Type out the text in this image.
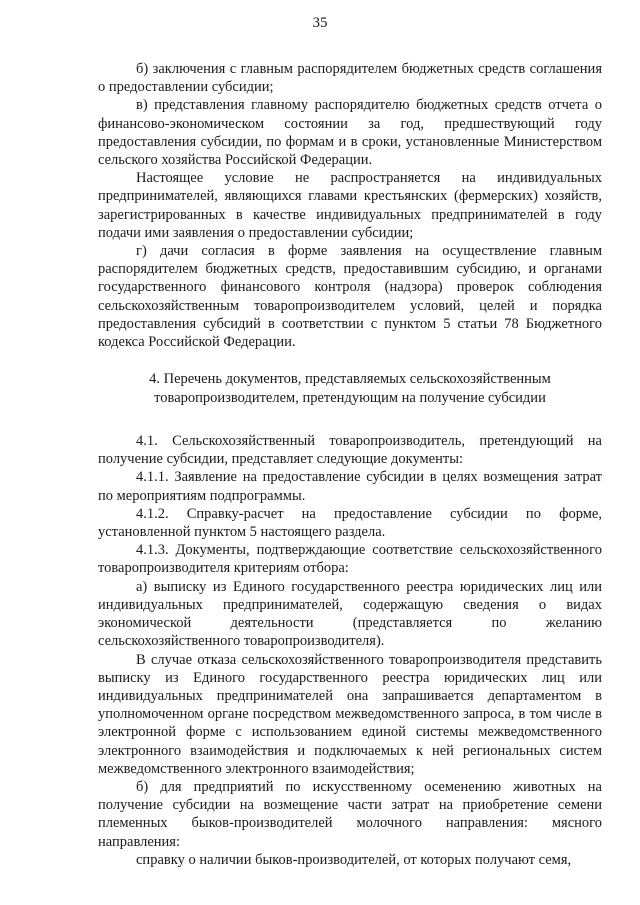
35

б) заключения с главным распорядителем бюджетных средств соглашения о предоставлении субсидии;

в) представления главному распорядителю бюджетных средств отчета о финансово-экономическом состоянии за год, предшествующий году предоставления субсидии, по формам и в сроки, установленные Министерством сельского хозяйства Российской Федерации.

Настоящее условие не распространяется на индивидуальных предпринимателей, являющихся главами крестьянских (фермерских) хозяйств, зарегистрированных в качестве индивидуальных предпринимателей в году подачи ими заявления о предоставлении субсидии;

г) дачи согласия в форме заявления на осуществление главным распорядителем бюджетных средств, предоставившим субсидию, и органами государственного финансового контроля (надзора) проверок соблюдения сельскохозяйственным товаропроизводителем условий, целей и порядка предоставления субсидий в соответствии с пунктом 5 статьи 78 Бюджетного кодекса Российской Федерации.

4. Перечень документов, представляемых сельскохозяйственным
товаропроизводителем, претендующим на получение субсидии

4.1. Сельскохозяйственный товаропроизводитель, претендующий на получение субсидии, представляет следующие документы:

4.1.1. Заявление на предоставление субсидии в целях возмещения затрат по мероприятиям подпрограммы.

4.1.2. Справку-расчет на предоставление субсидии по форме, установленной пунктом 5 настоящего раздела.

4.1.3. Документы, подтверждающие соответствие сельскохозяйственного товаропроизводителя критериям отбора:

а) выписку из Единого государственного реестра юридических лиц или индивидуальных предпринимателей, содержащую сведения о видах экономической деятельности (представляется по желанию сельскохозяйственного товаропроизводителя).

В случае отказа сельскохозяйственного товаропроизводителя представить выписку из Единого государственного реестра юридических лиц или индивидуальных предпринимателей она запрашивается департаментом в уполномоченном органе посредством межведомственного запроса, в том числе в электронной форме с использованием единой системы межведомственного электронного взаимодействия и подключаемых к ней региональных систем межведомственного электронного взаимодействия;

б) для предприятий по искусственному осеменению животных на получение субсидии на возмещение части затрат на приобретение семени племенных быков-производителей молочного направления: мясного направления:

справку о наличии быков-производителей, от которых получают семя,
